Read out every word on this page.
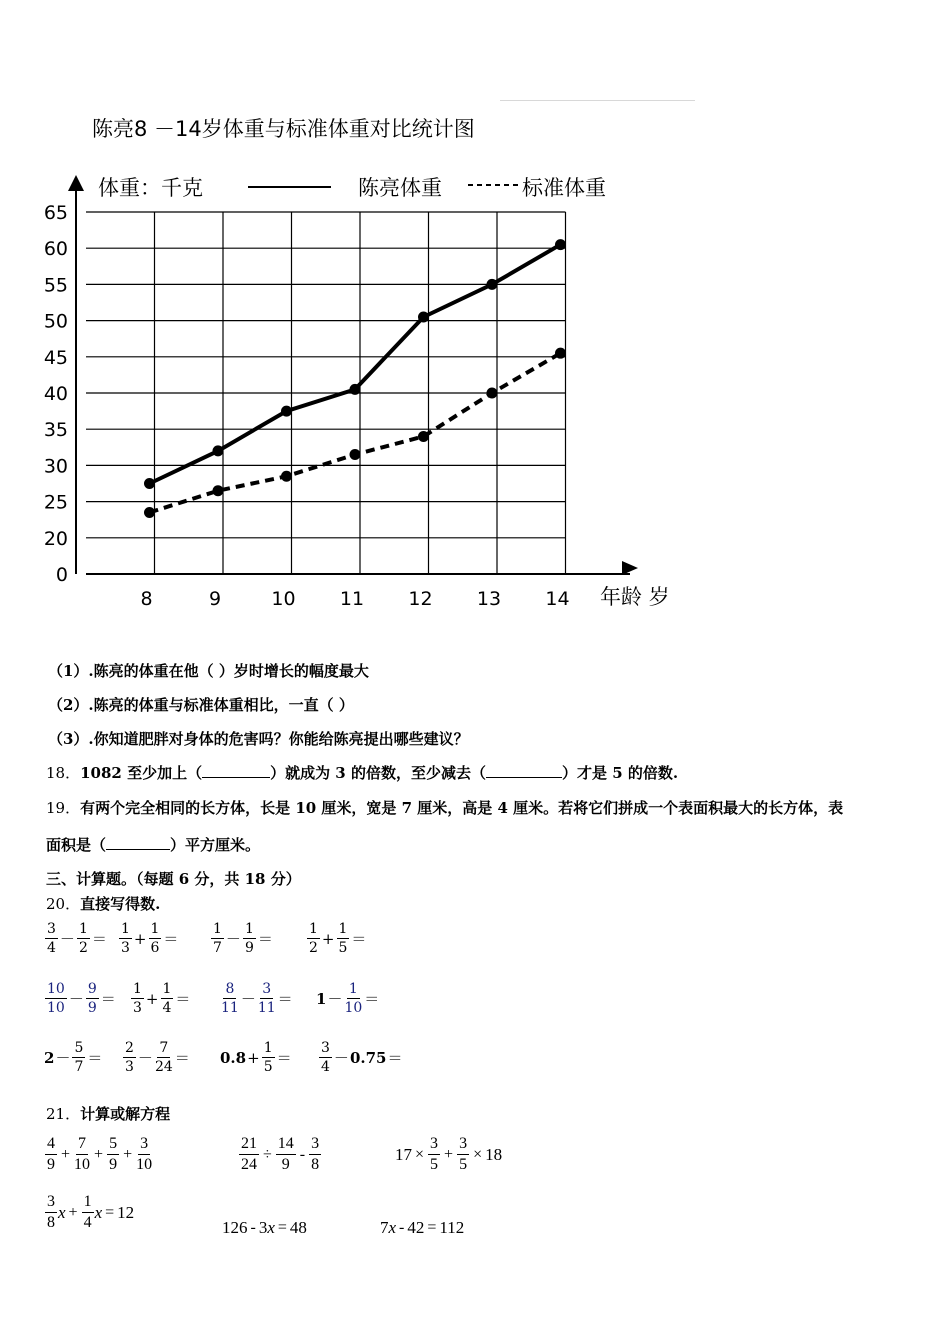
陈亮8 －14岁体重与标准体重对比统计图
体重：千克	陈亮体重	标准体重
65
60
55
50
45
40
35
30
25
20
0
8	9	10 11 12 13 14 年龄 岁
（1）.陈亮的体重在他（ ）岁时增长的幅度最大
（2）.陈亮的体重与标准体重相比，一直（ ）
（3）.你知道肥胖对身体的危害吗？你能给陈亮提出哪些建议？
18．1082 至少加上（	）就成为 3 的倍数，至少减去（	）才是 5 的倍数.
19．有两个完全相同的长方体，长是 10 厘米，宽是 7 厘米，高是 4 厘米。若将它们拼成一个表面积最大的长方体，表
面积是（	）平方厘米。
三、计算题。（每题 6 分，共 18 分）
20．直接写得数.
$\frac{3}{4} - \frac{1}{2} = \frac{1}{3} + \frac{1}{6} = \frac{1}{7} - \frac{1}{9} = \frac{1}{2} + \frac{1}{5}$ ＝
$\frac{10}{10} - \frac{9}{9} = \frac{1}{3} + \frac{1}{4} = \frac{8}{11} - \frac{3}{11} = 1 - \frac{1}{10}$ ＝
$2 - \frac{5}{7} = \frac{2}{3} - \frac{7}{24} = 0.8 + \frac{1}{5} = \frac{3}{4} - 0.75$ ＝
21．计算或解方程
$\frac{4}{9} + \frac{7}{10} + \frac{5}{9} + \frac{3}{10}$	$\frac{21}{24} \div \frac{14}{9} - \frac{3}{8}$	$17 \times \frac{3}{5} + \frac{3}{5} \times 18$
$\frac{3}{8}$ $x + \frac{1}{4}$ x = 12
126 - 3 x = 48	7 x - 42 = 112
